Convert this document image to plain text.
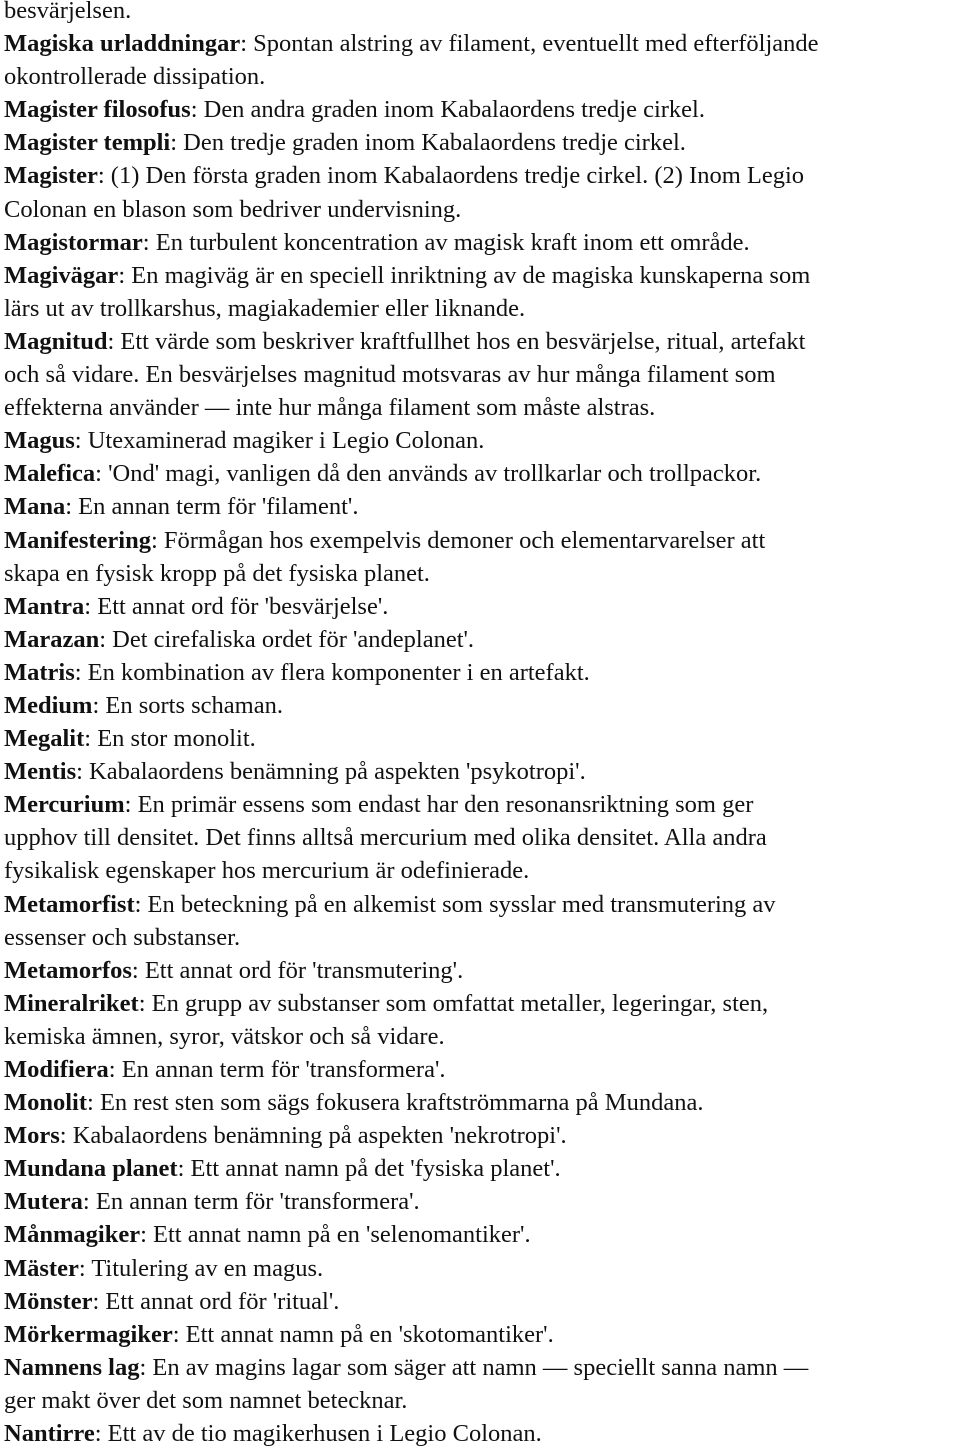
besvärjelsen.
Magiska urladdningar: Spontan alstring av filament, eventuellt med efterföljande
okontrollerade dissipation.
Magister filosofus: Den andra graden inom Kabalaordens tredje cirkel.
Magister templi: Den tredje graden inom Kabalaordens tredje cirkel.
Magister: (1) Den första graden inom Kabalaordens tredje cirkel. (2) Inom Legio
Colonan en blason som bedriver undervisning.
Magistormar: En turbulent koncentration av magisk kraft inom ett område.
Magivägar: En magiväg är en speciell inriktning av de magiska kunskaperna som
lärs ut av trollkarshus, magiakademier eller liknande.
Magnitud: Ett värde som beskriver kraftfullhet hos en besvärjelse, ritual, artefakt
och så vidare. En besvärjelses magnitud motsvaras av hur många filament som
effekterna använder — inte hur många filament som måste alstras.
Magus: Utexaminerad magiker i Legio Colonan.
Malefica: 'Ond' magi, vanligen då den används av trollkarlar och trollpackor.
Mana: En annan term för 'filament'.
Manifestering: Förmågan hos exempelvis demoner och elementarvarelser att
skapa en fysisk kropp på det fysiska planet.
Mantra: Ett annat ord för 'besvärjelse'.
Marazan: Det cirefaliska ordet för 'andeplanet'.
Matris: En kombination av flera komponenter i en artefakt.
Medium: En sorts schaman.
Megalit: En stor monolit.
Mentis: Kabalaordens benämning på aspekten 'psykotropi'.
Mercurium: En primär essens som endast har den resonansriktning som ger
upphov till densitet. Det finns alltså mercurium med olika densitet. Alla andra
fysikalisk egenskaper hos mercurium är odefinierade.
Metamorfist: En beteckning på en alkemist som sysslar med transmutering av
essenser och substanser.
Metamorfos: Ett annat ord för 'transmutering'.
Mineralriket: En grupp av substanser som omfattat metaller, legeringar, sten,
kemiska ämnen, syror, vätskor och så vidare.
Modifiera: En annan term för 'transformera'.
Monolit: En rest sten som sägs fokusera kraftströmmarna på Mundana.
Mors: Kabalaordens benämning på aspekten 'nekrotropi'.
Mundana planet: Ett annat namn på det 'fysiska planet'.
Mutera: En annan term för 'transformera'.
Månmagiker: Ett annat namn på en 'selenomantiker'.
Mäster: Titulering av en magus.
Mönster: Ett annat ord för 'ritual'.
Mörkermagiker: Ett annat namn på en 'skotomantiker'.
Namnens lag: En av magins lagar som säger att namn — speciellt sanna namn —
ger makt över det som namnet betecknar.
Nantirre: Ett av de tio magikerhusen i Legio Colonan.
